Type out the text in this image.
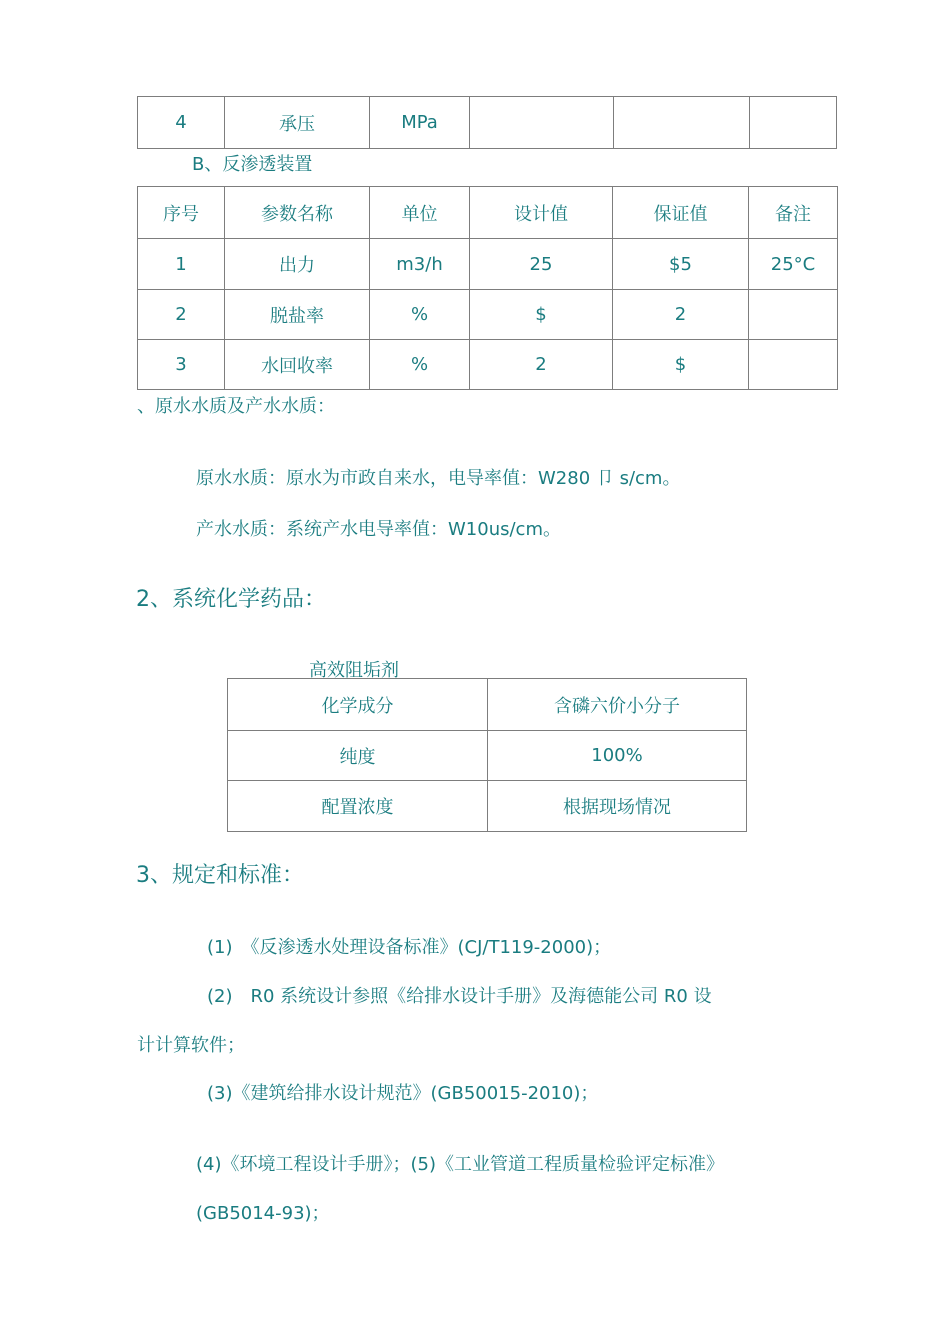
4	承压	MPa			
B、反渗透装置
序号	参数名称	单位	设计值	保证值	备注
1	出力	m3/h	25	$5	25°C
2	脱盐率	%	$	2	
3	水回收率	%	2	$	
、原水水质及产水水质：
原水水质：原水为市政自来水，电导率值：W280 卩 s/cm。
产水水质：系统产水电导率值：W10us/cm。
2、系统化学药品：
高效阻垢剂
化学成分	含磷六价小分子
纯度	100%
配置浓度	根据现场情况
3、规定和标准：
(1)　《反渗透水处理设备标准》(CJ/T119-2000)；
(2)　R0 系统设计参照《给排水设计手册》及海德能公司 R0 设
计计算软件；
(3)《建筑给排水设计规范》(GB50015-2010)；
(4)《环境工程设计手册》；(5)《工业管道工程质量检验评定标准》
(GB5014-93)；
